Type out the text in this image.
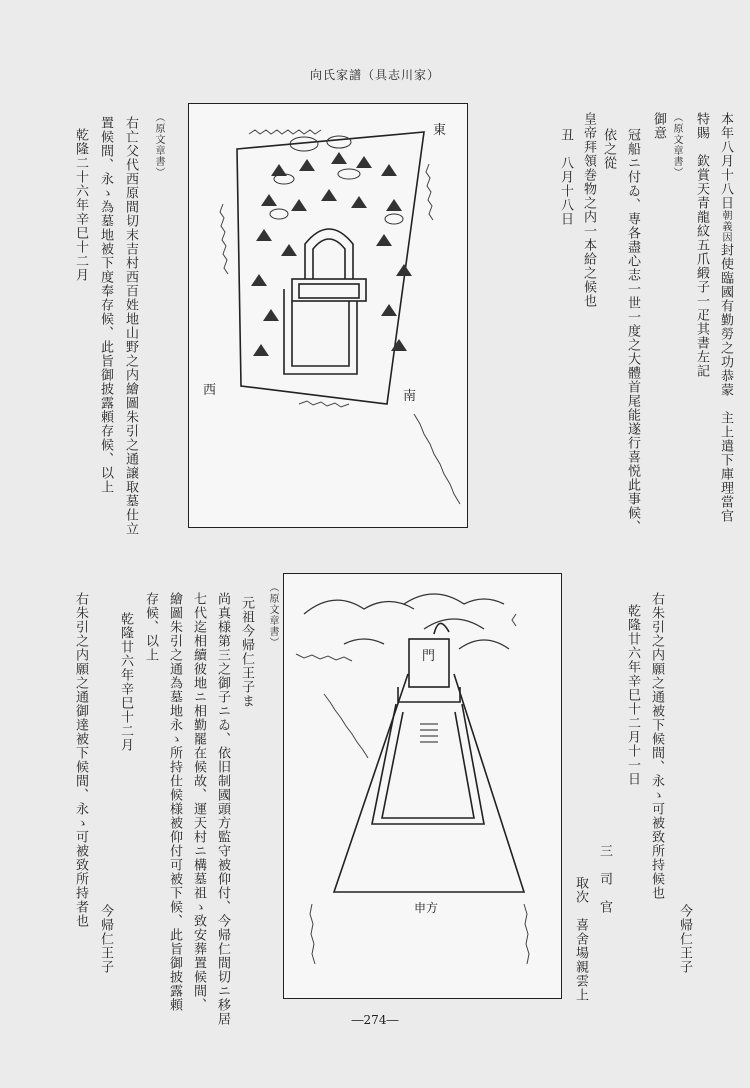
向氏家譜（具志川家）
本年八月十八日朝義因封使臨國有勤勞之功恭蒙　主上遣下庫理當官
特賜　欽賞天青龍紋五爪緞子一疋其書左記
（原文章書）
御意
冠船ニ付ゐ、専各盡心志一世一度之大體首尾能遂行喜悦此事候、
依之從
皇帝拜領巻物之内一本給之候也
丑　八月十八日
東
南
西
（原文章書）
右亡父代西原間切末吉村西百姓地山野之内繪圖朱引之通譲取墓仕立
置候間、永ゝ為墓地被下度奉存候、此旨御披露頼存候、以上
乾隆二十六年辛巳十二月
右朱引之内願之通被下候間、永ゝ可被致所持候也
乾隆廿六年辛巳十二月十一日
今帰仁王子
三　司　官
取次　喜舍場親雲上
門
申方
（原文章書）
元祖今帰仁王子ま
尚真様第三之御子ニゐ、依旧制國頭方監守被仰付、今帰仁間切ニ移居
七代迄相續彼地ニ相勤罷在候故、運天村ニ構墓祖ゝ致安葬置候間、
繪圖朱引之通為墓地永ゝ所持仕候様被仰付可被下候、此旨御披露頼
存候、以上
乾隆廿六年辛巳十二月
今帰仁王子
右朱引之内願之通御達被下候間、永ゝ可被致所持者也
―274―
